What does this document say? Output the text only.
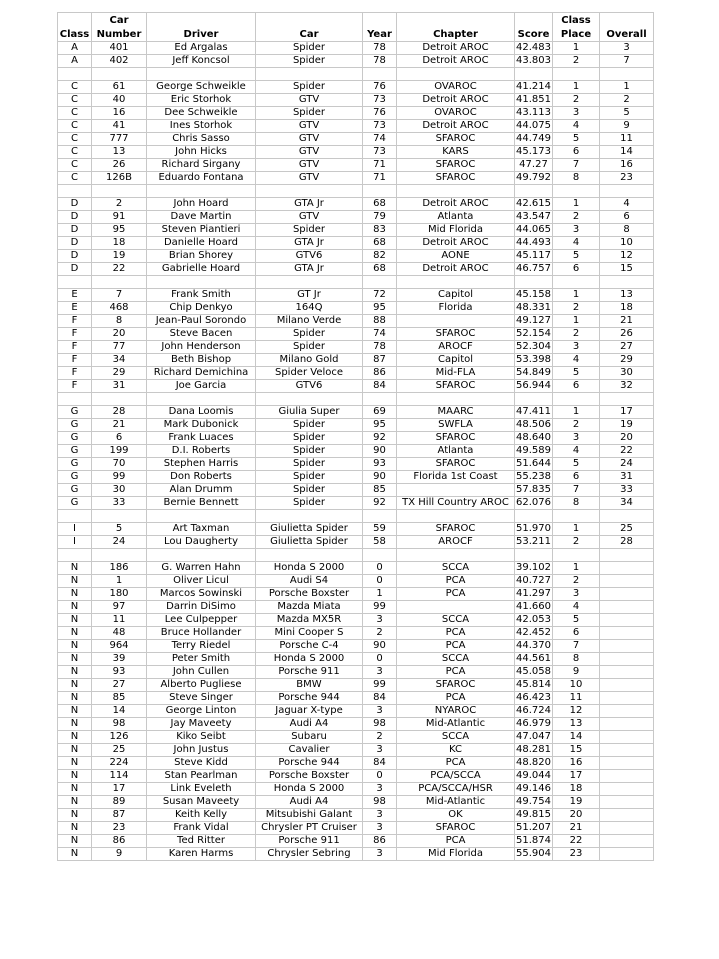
	Car						Class	
Class	Number	Driver	Car	Year	Chapter	Score	Place	Overall
A	401	Ed Argalas	Spider	78	Detroit AROC	42.483	1	3
A	402	Jeff Koncsol	Spider	78	Detroit AROC	43.803	2	7

C	61	George Schweikle	Spider	76	OVAROC	41.214	1	1
C	40	Eric Storhok	GTV	73	Detroit AROC	41.851	2	2
C	16	Dee Schweikle	Spider	76	OVAROC	43.113	3	5
C	41	Ines Storhok	GTV	73	Detroit AROC	44.075	4	9
C	777	Chris Sasso	GTV	74	SFAROC	44.749	5	11
C	13	John Hicks	GTV	73	KARS	45.173	6	14
C	26	Richard Sirgany	GTV	71	SFAROC	47.27	7	16
C	126B	Eduardo Fontana	GTV	71	SFAROC	49.792	8	23

D	2	John Hoard	GTA Jr	68	Detroit AROC	42.615	1	4
D	91	Dave Martin	GTV	79	Atlanta	43.547	2	6
D	95	Steven Piantieri	Spider	83	Mid Florida	44.065	3	8
D	18	Danielle Hoard	GTA Jr	68	Detroit AROC	44.493	4	10
D	19	Brian Shorey	GTV6	82	AONE	45.117	5	12
D	22	Gabrielle Hoard	GTA Jr	68	Detroit AROC	46.757	6	15

E	7	Frank Smith	GT Jr	72	Capitol	45.158	1	13
E	468	Chip Denkyo	164Q	95	Florida	48.331	2	18
F	8	Jean-Paul Sorondo	Milano Verde	88		49.127	1	21
F	20	Steve Bacen	Spider	74	SFAROC	52.154	2	26
F	77	John Henderson	Spider	78	AROCF	52.304	3	27
F	34	Beth Bishop	Milano Gold	87	Capitol	53.398	4	29
F	29	Richard Demichina	Spider Veloce	86	Mid-FLA	54.849	5	30
F	31	Joe Garcia	GTV6	84	SFAROC	56.944	6	32

G	28	Dana Loomis	Giulia Super	69	MAARC	47.411	1	17
G	21	Mark Dubonick	Spider	95	SWFLA	48.506	2	19
G	6	Frank Luaces	Spider	92	SFAROC	48.640	3	20
G	199	D.I. Roberts	Spider	90	Atlanta	49.589	4	22
G	70	Stephen Harris	Spider	93	SFAROC	51.644	5	24
G	99	Don Roberts	Spider	90	Florida 1st Coast	55.238	6	31
G	30	Alan Drumm	Spider	85		57.835	7	33
G	33	Bernie Bennett	Spider	92	TX Hill Country AROC	62.076	8	34

I	5	Art Taxman	Giulietta Spider	59	SFAROC	51.970	1	25
I	24	Lou Daugherty	Giulietta Spider	58	AROCF	53.211	2	28

N	186	G. Warren Hahn	Honda S 2000	0	SCCA	39.102	1	
N	1	Oliver Licul	Audi S4	0	PCA	40.727	2	
N	180	Marcos Sowinski	Porsche Boxster	1	PCA	41.297	3	
N	97	Darrin DiSimo	Mazda Miata	99		41.660	4	
N	11	Lee Culpepper	Mazda MX5R	3	SCCA	42.053	5	
N	48	Bruce Hollander	Mini Cooper S	2	PCA	42.452	6	
N	964	Terry Riedel	Porsche C-4	90	PCA	44.370	7	
N	39	Peter Smith	Honda S 2000	0	SCCA	44.561	8	
N	93	John Cullen	Porsche 911	3	PCA	45.058	9	
N	27	Alberto Pugliese	BMW	99	SFAROC	45.814	10	
N	85	Steve Singer	Porsche 944	84	PCA	46.423	11	
N	14	George Linton	Jaguar X-type	3	NYAROC	46.724	12	
N	98	Jay Maveety	Audi A4	98	Mid-Atlantic	46.979	13	
N	126	Kiko Seibt	Subaru	2	SCCA	47.047	14	
N	25	John Justus	Cavalier	3	KC	48.281	15	
N	224	Steve Kidd	Porsche 944	84	PCA	48.820	16	
N	114	Stan Pearlman	Porsche Boxster	0	PCA/SCCA	49.044	17	
N	17	Link Eveleth	Honda S 2000	3	PCA/SCCA/HSR	49.146	18	
N	89	Susan Maveety	Audi A4	98	Mid-Atlantic	49.754	19	
N	87	Keith Kelly	Mitsubishi Galant	3	OK	49.815	20	
N	23	Frank Vidal	Chrysler PT Cruiser	3	SFAROC	51.207	21	
N	86	Ted Ritter	Porsche 911	86	PCA	51.874	22	
N	9	Karen Harms	Chrysler Sebring	3	Mid Florida	55.904	23	
